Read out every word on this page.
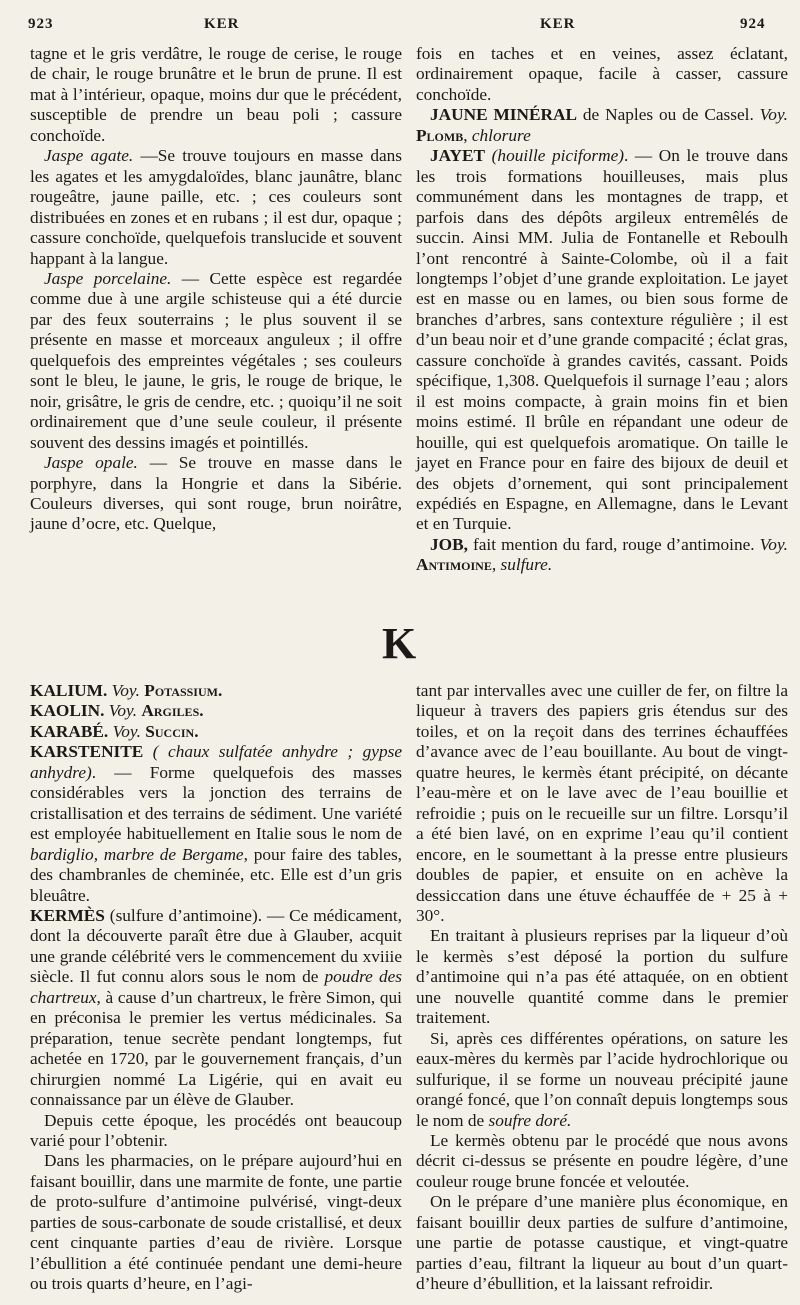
923	KER	KER	924

tagne et le gris verdâtre, le rouge de cerise, le rouge de chair, le rouge brunâtre et le brun de prune. Il est mat à l’intérieur, opaque, moins dur que le précédent, susceptible de prendre un beau poli ; cassure conchoïde.

Jaspe agate. —Se trouve toujours en masse dans les agates et les amygdaloïdes, blanc jaunâtre, blanc rougeâtre, jaune paille, etc. ; ces couleurs sont distribuées en zones et en rubans ; il est dur, opaque ; cassure conchoïde, quelquefois translucide et souvent happant à la langue.

Jaspe porcelaine. — Cette espèce est regardée comme due à une argile schisteuse qui a été durcie par des feux souterrains ; le plus souvent il se présente en masse et morceaux anguleux ; il offre quelquefois des empreintes végétales ; ses couleurs sont le bleu, le jaune, le gris, le rouge de brique, le noir, grisâtre, le gris de cendre, etc. ; quoiqu’il ne soit ordinairement que d’une seule couleur, il présente souvent des dessins imagés et pointillés.

Jaspe opale. — Se trouve en masse dans le porphyre, dans la Hongrie et dans la Sibérie. Couleurs diverses, qui sont rouge, brun noirâtre, jaune d’ocre, etc. Quelque,

fois en taches et en veines, assez éclatant, ordinairement opaque, facile à casser, cassure conchoïde.

JAUNE MINÉRAL de Naples ou de Cassel. Voy. Plomb, chlorure

JAYET (houille piciforme). — On le trouve dans les trois formations houilleuses, mais plus communément dans les montagnes de trapp, et parfois dans des dépôts argileux entremêlés de succin. Ainsi MM. Julia de Fontanelle et Reboulh l’ont rencontré à Sainte-Colombe, où il a fait longtemps l’objet d’une grande exploitation. Le jayet est en masse ou en lames, ou bien sous forme de branches d’arbres, sans contexture régulière ; il est d’un beau noir et d’une grande compacité ; éclat gras, cassure conchoïde à grandes cavités, cassant. Poids spécifique, 1,308. Quelquefois il surnage l’eau ; alors il est moins compacte, à grain moins fin et bien moins estimé. Il brûle en répandant une odeur de houille, qui est quelquefois aromatique. On taille le jayet en France pour en faire des bijoux de deuil et des objets d’ornement, qui sont principalement expédiés en Espagne, en Allemagne, dans le Levant et en Turquie.

JOB, fait mention du fard, rouge d’antimoine. Voy. Antimoine, sulfure.

K

KALIUM. Voy. Potassium.

KAOLIN. Voy. Argiles.

KARABÉ. Voy. Succin.

KARSTENITE ( chaux sulfatée anhydre ; gypse anhydre). — Forme quelquefois des masses considérables vers la jonction des terrains de cristallisation et des terrains de sédiment. Une variété est employée habituellement en Italie sous le nom de bardiglio, marbre de Bergame, pour faire des tables, des chambranles de cheminée, etc. Elle est d’un gris bleuâtre.

KERMÈS (sulfure d’antimoine). — Ce médicament, dont la découverte paraît être due à Glauber, acquit une grande célébrité vers le commencement du xviiie siècle. Il fut connu alors sous le nom de poudre des chartreux, à cause d’un chartreux, le frère Simon, qui en préconisa le premier les vertus médicinales. Sa préparation, tenue secrète pendant longtemps, fut achetée en 1720, par le gouvernement français, d’un chirurgien nommé La Ligérie, qui en avait eu connaissance par un élève de Glauber.

Depuis cette époque, les procédés ont beaucoup varié pour l’obtenir.

Dans les pharmacies, on le prépare aujourd’hui en faisant bouillir, dans une marmite de fonte, une partie de proto-sulfure d’antimoine pulvérisé, vingt-deux parties de sous-carbonate de soude cristallisé, et deux cent cinquante parties d’eau de rivière. Lorsque l’ébullition a été continuée pendant une demi-heure ou trois quarts d’heure, en l’agi-

tant par intervalles avec une cuiller de fer, on filtre la liqueur à travers des papiers gris étendus sur des toiles, et on la reçoit dans des terrines échauffées d’avance avec de l’eau bouillante. Au bout de vingt-quatre heures, le kermès étant précipité, on décante l’eau-mère et on le lave avec de l’eau bouillie et refroidie ; puis on le recueille sur un filtre. Lorsqu’il a été bien lavé, on en exprime l’eau qu’il contient encore, en le soumettant à la presse entre plusieurs doubles de papier, et ensuite on en achève la dessiccation dans une étuve échauffée de + 25 à + 30°.

En traitant à plusieurs reprises par la liqueur d’où le kermès s’est déposé la portion du sulfure d’antimoine qui n’a pas été attaquée, on en obtient une nouvelle quantité comme dans le premier traitement.

Si, après ces différentes opérations, on sature les eaux-mères du kermès par l’acide hydrochlorique ou sulfurique, il se forme un nouveau précipité jaune orangé foncé, que l’on connaît depuis longtemps sous le nom de soufre doré.

Le kermès obtenu par le procédé que nous avons décrit ci-dessus se présente en poudre légère, d’une couleur rouge brune foncée et veloutée.

On le prépare d’une manière plus économique, en faisant bouillir deux parties de sulfure d’antimoine, une partie de potasse caustique, et vingt-quatre parties d’eau, filtrant la liqueur au bout d’un quart-d’heure d’ébullition, et la laissant refroidir.
